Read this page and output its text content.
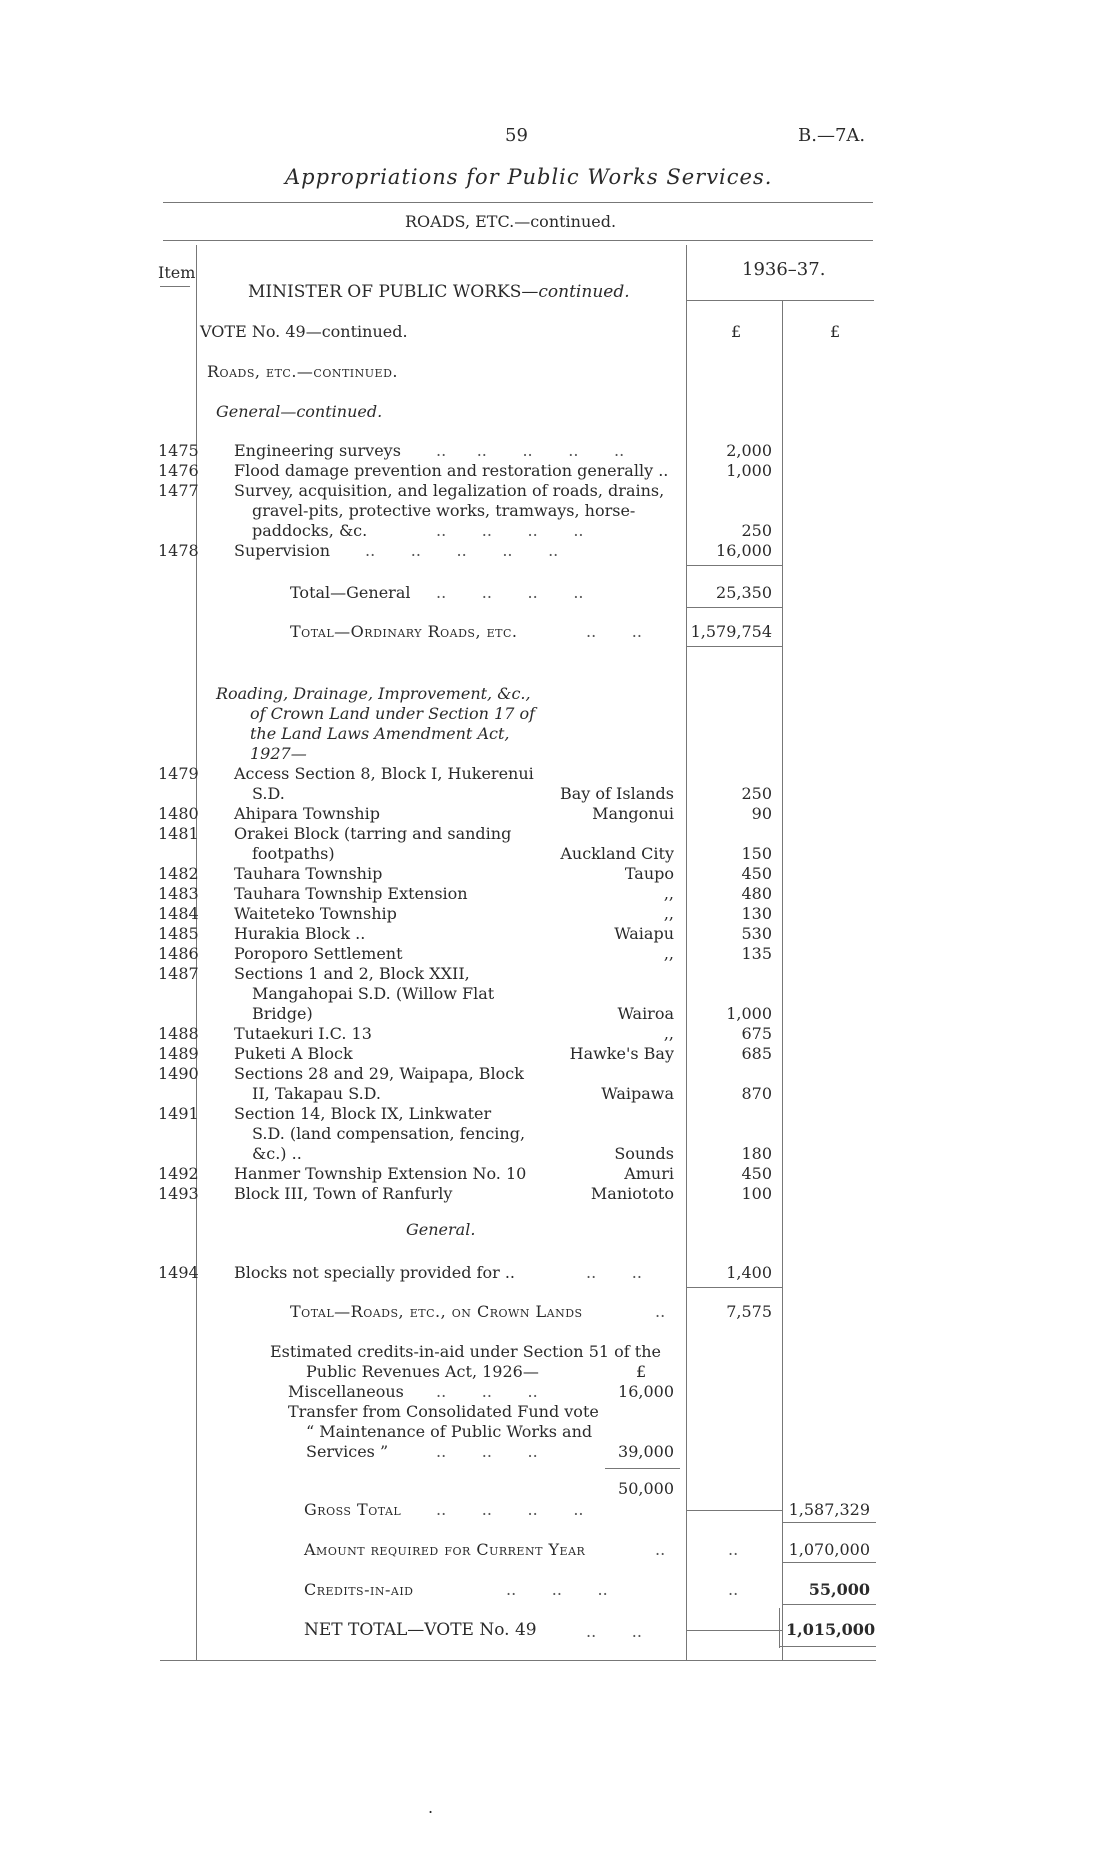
59	B.—7A.
Appropriations for Public Works Services.
ROADS, ETC.—continued.
Item	1936–37.
MINISTER OF PUBLIC WORKS—continued.
£	£
VOTE No. 49—continued.
Roads, etc.—continued.
General—continued.
1475 Engineering surveys ..      ..       ..       ..       ..	2,000
1476 Flood damage prevention and restoration generally ..	1,000
1477 Survey, acquisition, and legalization of roads, drains,
gravel-pits, protective works, tramways, horse-
paddocks, &c.	..       ..       ..       ..	250
1478 Supervision ..       ..       ..       ..       ..	16,000
Total—General ..       ..       ..       ..	25,350
Total—Ordinary Roads, etc.	..       ..	1,579,754
Roading, Drainage, Improvement, &c.,
of Crown Land under Section 17 of
the Land Laws Amendment Act,
1927—
1479 Access Section 8, Block I, Hukerenui
S.D.	Bay of Islands	250
1480 Ahipara Township	Mangonui	90
1481 Orakei Block (tarring and sanding
footpaths)	Auckland City	150
1482 Tauhara Township	Taupo	450
1483 Tauhara Township Extension	,,	480
1484 Waiteteko Township	,,	130
1485 Hurakia Block ..	Waiapu	530
1486 Poroporo Settlement	,,	135
1487 Sections 1 and 2, Block XXII,
Mangahopai S.D. (Willow Flat
Bridge)	Wairoa	1,000
1488 Tutaekuri I.C. 13	,,	675
1489 Puketi A Block	Hawke's Bay	685
1490 Sections 28 and 29, Waipapa, Block
II, Takapau S.D.	Waipawa	870
1491 Section 14, Block IX, Linkwater
S.D. (land compensation, fencing,
&c.) ..	Sounds	180
1492 Hanmer Township Extension No. 10	Amuri	450
1493 Block III, Town of Ranfurly	Maniototo	100
General.
1494 Blocks not specially provided for ..	..       ..	1,400
Total—Roads, etc., on Crown Lands	..	7,575
Estimated credits-in-aid under Section 51 of the
Public Revenues Act, 1926—	£
Miscellaneous ..       ..       ..	16,000
Transfer from Consolidated Fund vote
“ Maintenance of Public Works and
Services ”	..       ..       ..	39,000
50,000
Gross Total ..       ..       ..       ..	1,587,329
Amount required for Current Year	..	..	1,070,000
Credits-in-aid	..       ..       ..	..	55,000
NET TOTAL—VOTE No. 49	..       ..	1,015,000
.
